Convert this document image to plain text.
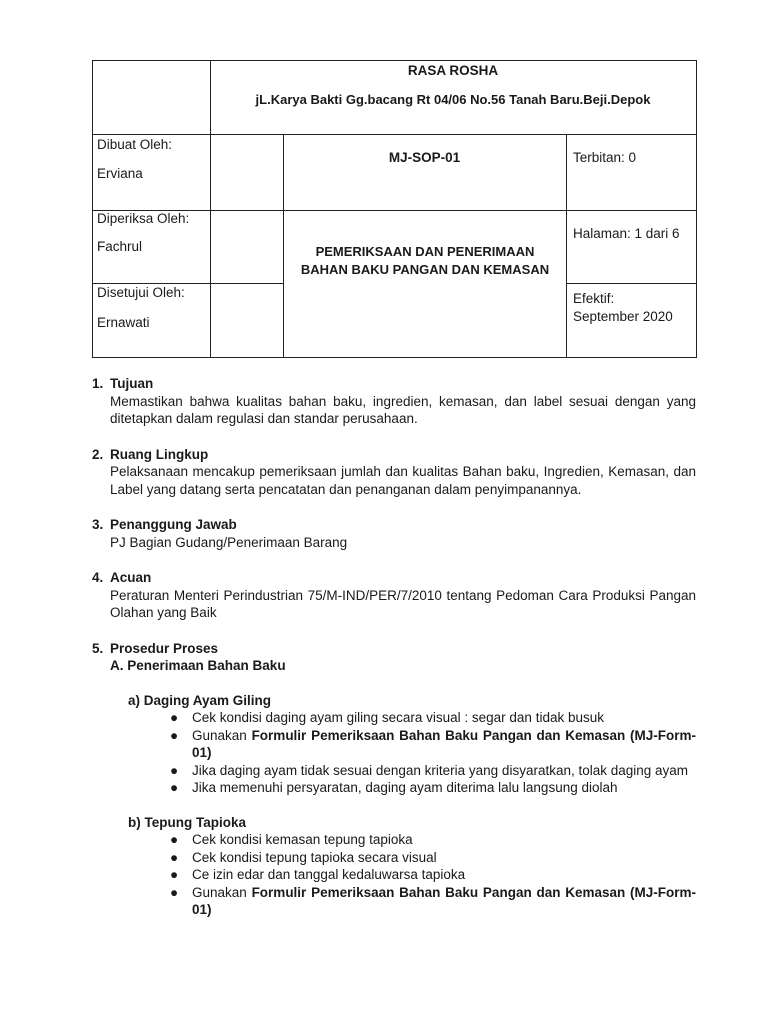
RASA ROSHA
jL.Karya Bakti Gg.bacang Rt 04/06 No.56 Tanah Baru.Beji.Depok
Dibuat Oleh:
Erviana
MJ-SOP-01	Terbitan: 0
Diperiksa Oleh:
Fachrul	PEMERIKSAAN DAN PENERIMAAN BAHAN BAKU PANGAN DAN KEMASAN
Halaman: 1 dari 6
Disetujui Oleh:
Ernawati
Efektif:
September 2020
1. Tujuan
Memastikan bahwa kualitas bahan baku, ingredien, kemasan, dan label sesuai dengan yang ditetapkan dalam regulasi dan standar perusahaan.
2. Ruang Lingkup
Pelaksanaan mencakup pemeriksaan jumlah dan kualitas Bahan baku, Ingredien, Kemasan, dan Label yang datang serta pencatatan dan penanganan dalam penyimpanannya.
3. Penanggung Jawab
PJ Bagian Gudang/Penerimaan Barang
4. Acuan
Peraturan Menteri Perindustrian 75/M-IND/PER/7/2010 tentang Pedoman Cara Produksi Pangan Olahan yang Baik
5. Prosedur Proses
A. Penerimaan Bahan Baku
a) Daging Ayam Giling
● Cek kondisi daging ayam giling secara visual : segar dan tidak busuk
● Gunakan Formulir Pemeriksaan Bahan Baku Pangan dan Kemasan (MJ-Form-01)
● Jika daging ayam tidak sesuai dengan kriteria yang disyaratkan, tolak daging ayam
● Jika memenuhi persyaratan, daging ayam diterima lalu langsung diolah
b) Tepung Tapioka
● Cek kondisi kemasan tepung tapioka
● Cek kondisi tepung tapioka secara visual
● Ce izin edar dan tanggal kedaluwarsa tapioka
● Gunakan Formulir Pemeriksaan Bahan Baku Pangan dan Kemasan (MJ-Form-01)
